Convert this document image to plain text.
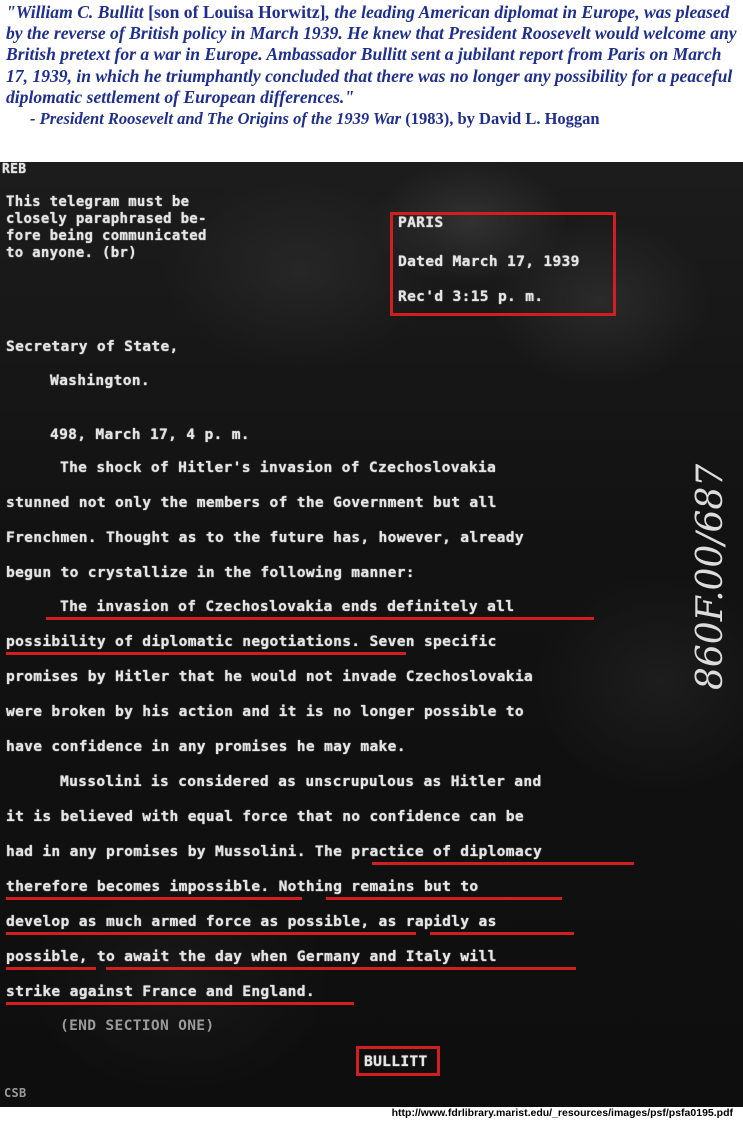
"William C. Bullitt [son of Louisa Horwitz], the leading American diplomat in Europe, was pleased by the reverse of British policy in March 1939. He knew that President Roosevelt would welcome any British pretext for a war in Europe. Ambassador Bullitt sent a jubilant report from Paris on March 17, 1939, in which he triumphantly concluded that there was no longer any possibility for a peaceful diplomatic settlement of European differences."
- President Roosevelt and The Origins of the 1939 War (1983), by David L. Hoggan
REB
This telegram must be
closely paraphrased be-
fore being communicated
to anyone. (br)
PARIS
Dated March 17, 1939
Rec'd 3:15 p. m.
Secretary of State,
Washington.
498, March 17, 4 p. m.
The shock of Hitler's invasion of Czechoslovakia
stunned not only the members of the Government but all
Frenchmen. Thought as to the future has, however, already
begun to crystallize in the following manner:
The invasion of Czechoslovakia ends definitely all
possibility of diplomatic negotiations. Seven specific
promises by Hitler that he would not invade Czechoslovakia
were broken by his action and it is no longer possible to
have confidence in any promises he may make.
Mussolini is considered as unscrupulous as Hitler and
it is believed with equal force that no confidence can be
had in any promises by Mussolini. The practice of diplomacy
therefore becomes impossible. Nothing remains but to
develop as much armed force as possible, as rapidly as
possible, to await the day when Germany and Italy will
strike against France and England.
(END SECTION ONE)
BULLITT
CSB
860F.00/687
http://www.fdrlibrary.marist.edu/_resources/images/psf/psfa0195.pdf
